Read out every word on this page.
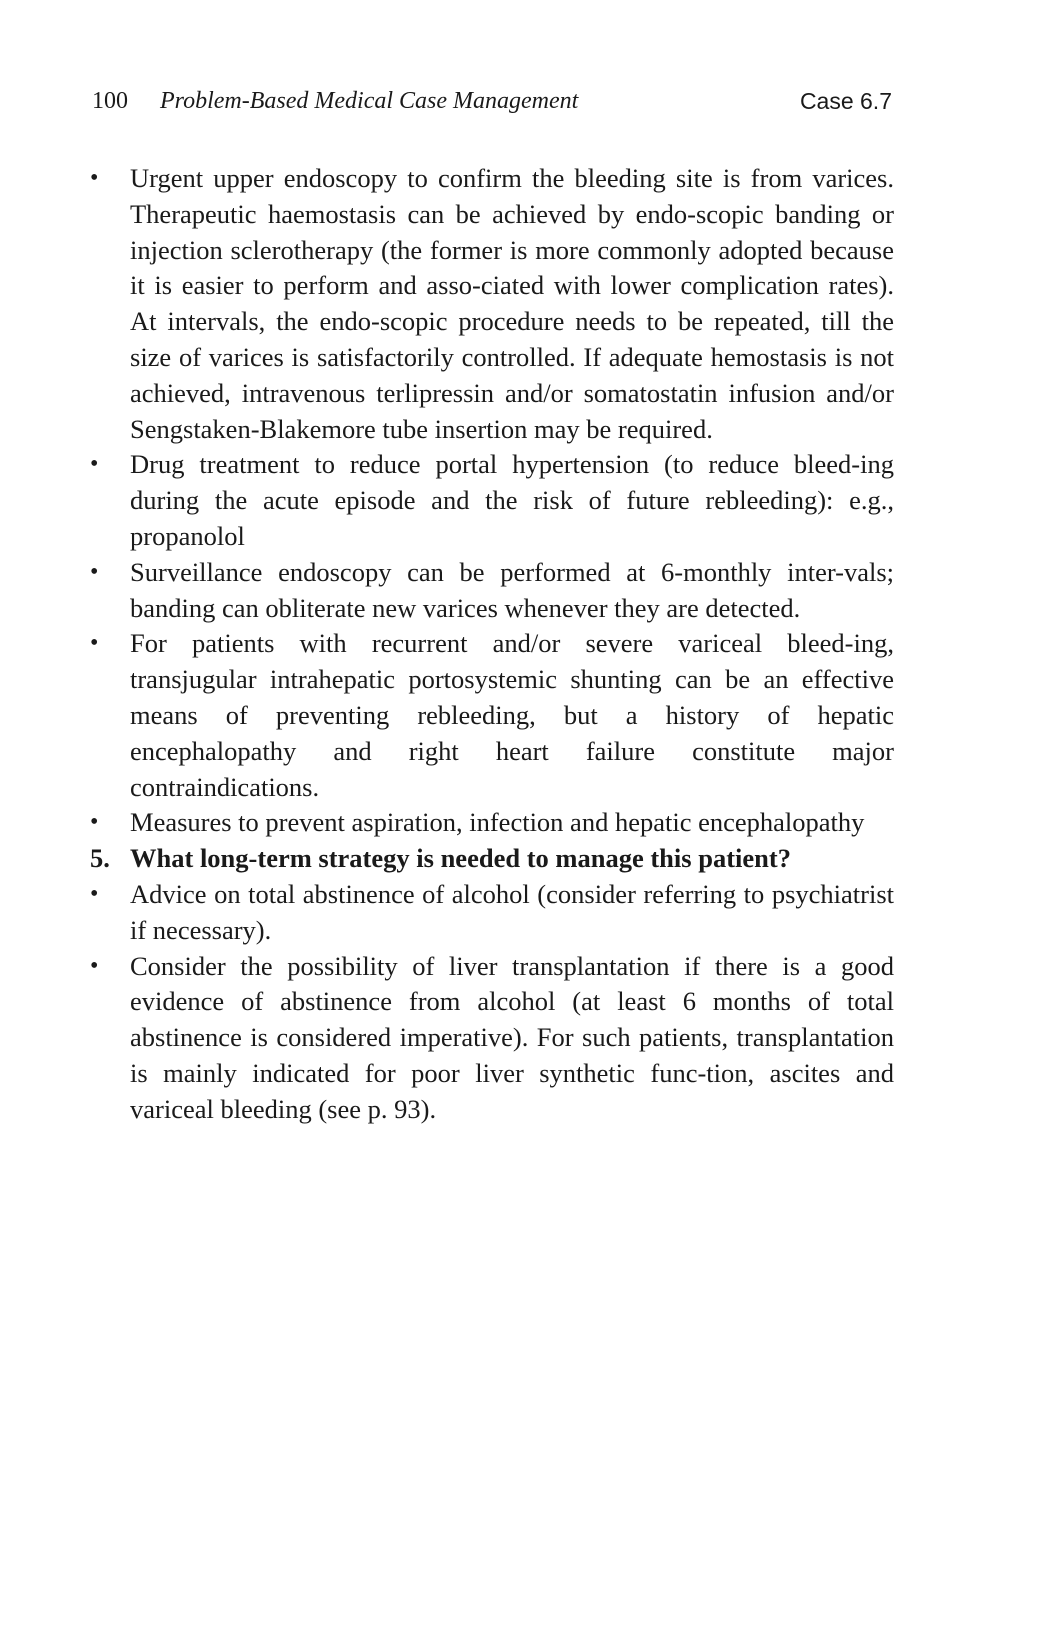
100 Problem-Based Medical Case Management	Case 6.7
•	Urgent upper endoscopy to confirm the bleeding site is from varices. Therapeutic haemostasis can be achieved by endo-scopic banding or injection sclerotherapy (the former is more commonly adopted because it is easier to perform and asso-ciated with lower complication rates). At intervals, the endo-scopic procedure needs to be repeated, till the size of varices is satisfactorily controlled. If adequate hemostasis is not achieved, intravenous terlipressin and/or somatostatin infusion and/or Sengstaken-Blakemore tube insertion may be required.
•	Drug treatment to reduce portal hypertension (to reduce bleed-ing during the acute episode and the risk of future rebleeding): e.g., propanolol
•	Surveillance endoscopy can be performed at 6-monthly inter-vals; banding can obliterate new varices whenever they are detected.
•	For patients with recurrent and/or severe variceal bleed-ing, transjugular intrahepatic portosystemic shunting can be an effective means of preventing rebleeding, but a history of hepatic encephalopathy and right heart failure constitute major contraindications.
•	Measures to prevent aspiration, infection and hepatic encephalopathy
5. What long-term strategy is needed to manage this patient?
•	Advice on total abstinence of alcohol (consider referring to psychiatrist if necessary).
•	Consider the possibility of liver transplantation if there is a good evidence of abstinence from alcohol (at least 6 months of total abstinence is considered imperative). For such patients, transplantation is mainly indicated for poor liver synthetic func-tion, ascites and variceal bleeding (see p. 93).
